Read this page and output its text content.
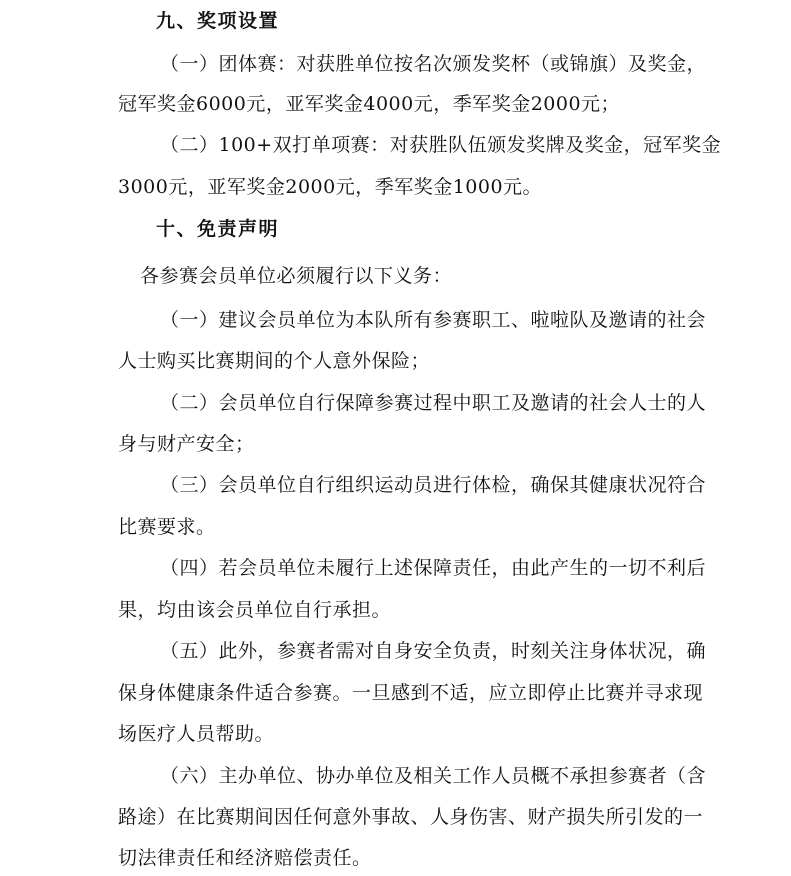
九、奖项设置
（一）团体赛：对获胜单位按名次颁发奖杯（或锦旗）及奖金，
冠军奖金6000元，亚军奖金4000元，季军奖金2000元；
（二）100+双打单项赛：对获胜队伍颁发奖牌及奖金，冠军奖金
3000元，亚军奖金2000元，季军奖金1000元。
十、免责声明
各参赛会员单位必须履行以下义务：
（一）建议会员单位为本队所有参赛职工、啦啦队及邀请的社会
人士购买比赛期间的个人意外保险；
（二）会员单位自行保障参赛过程中职工及邀请的社会人士的人
身与财产安全；
（三）会员单位自行组织运动员进行体检，确保其健康状况符合
比赛要求。
（四）若会员单位未履行上述保障责任，由此产生的一切不利后
果，均由该会员单位自行承担。
（五）此外，参赛者需对自身安全负责，时刻关注身体状况，确
保身体健康条件适合参赛。一旦感到不适，应立即停止比赛并寻求现
场医疗人员帮助。
（六）主办单位、协办单位及相关工作人员概不承担参赛者（含
路途）在比赛期间因任何意外事故、人身伤害、财产损失所引发的一
切法律责任和经济赔偿责任。
